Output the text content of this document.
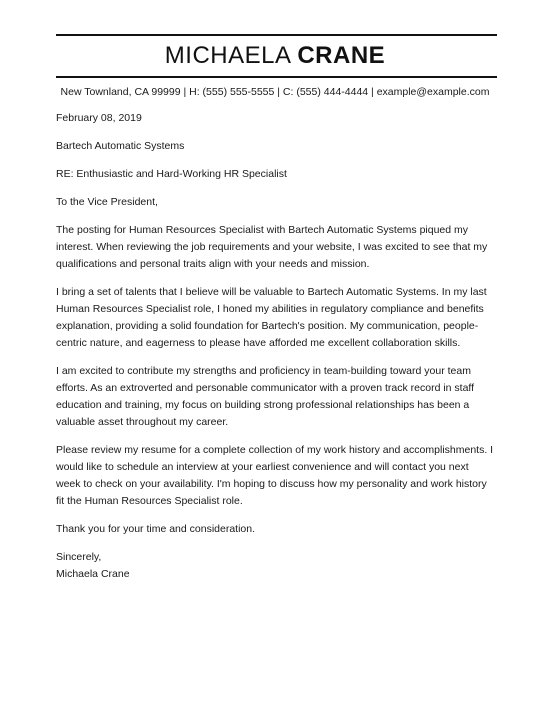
MICHAELA CRANE
New Townland, CA 99999 | H: (555) 555-5555 | C: (555) 444-4444 | example@example.com

February 08, 2019

Bartech Automatic Systems

RE: Enthusiastic and Hard-Working HR Specialist

To the Vice President,

The posting for Human Resources Specialist with Bartech Automatic Systems piqued my interest. When reviewing the job requirements and your website, I was excited to see that my qualifications and personal traits align with your needs and mission.

I bring a set of talents that I believe will be valuable to Bartech Automatic Systems. In my last Human Resources Specialist role, I honed my abilities in regulatory compliance and benefits explanation, providing a solid foundation for Bartech's position. My communication, people-centric nature, and eagerness to please have afforded me excellent collaboration skills.

I am excited to contribute my strengths and proficiency in team-building toward your team efforts. As an extroverted and personable communicator with a proven track record in staff education and training, my focus on building strong professional relationships has been a valuable asset throughout my career.

Please review my resume for a complete collection of my work history and accomplishments. I would like to schedule an interview at your earliest convenience and will contact you next week to check on your availability. I'm hoping to discuss how my personality and work history fit the Human Resources Specialist role.

Thank you for your time and consideration.

Sincerely,

Michaela Crane
